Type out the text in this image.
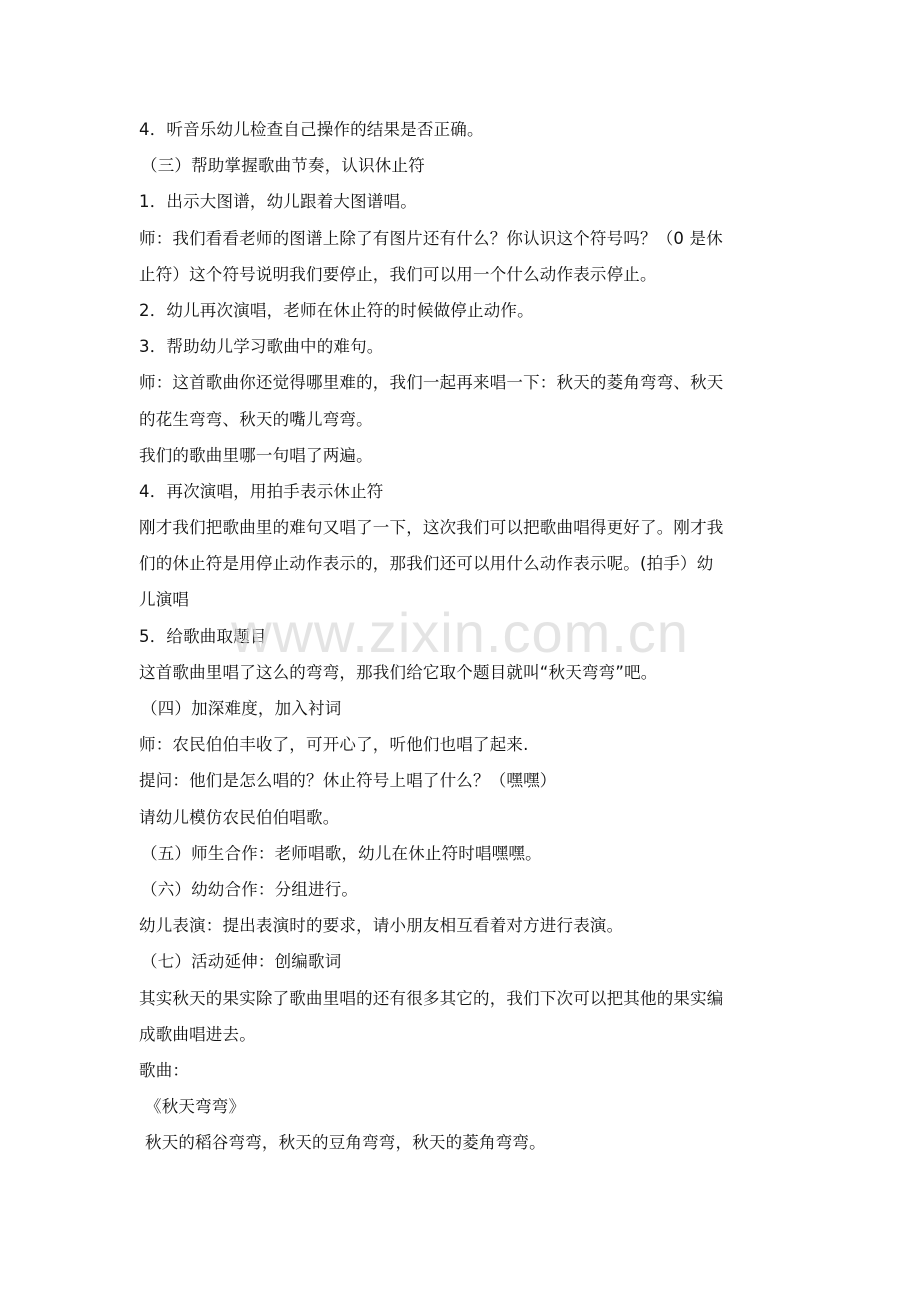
4．听音乐幼儿检查自己操作的结果是否正确。
（三）帮助掌握歌曲节奏，认识休止符
1．出示大图谱，幼儿跟着大图谱唱。
师：我们看看老师的图谱上除了有图片还有什么？你认识这个符号吗？（0 是休
止符）这个符号说明我们要停止，我们可以用一个什么动作表示停止。
2．幼儿再次演唱，老师在休止符的时候做停止动作。
3．帮助幼儿学习歌曲中的难句。
师：这首歌曲你还觉得哪里难的，我们一起再来唱一下：秋天的菱角弯弯、秋天
的花生弯弯、秋天的嘴儿弯弯。
我们的歌曲里哪一句唱了两遍。
4．再次演唱，用拍手表示休止符
刚才我们把歌曲里的难句又唱了一下，这次我们可以把歌曲唱得更好了。刚才我
们的休止符是用停止动作表示的，那我们还可以用什么动作表示呢。(拍手）幼
儿演唱
5．给歌曲取题目
这首歌曲里唱了这么的弯弯，那我们给它取个题目就叫“秋天弯弯”吧。
（四）加深难度，加入衬词
师：农民伯伯丰收了，可开心了，听他们也唱了起来.
提问：他们是怎么唱的？休止符号上唱了什么？（嘿嘿）
请幼儿模仿农民伯伯唱歌。
（五）师生合作：老师唱歌，幼儿在休止符时唱嘿嘿。
（六）幼幼合作：分组进行。
幼儿表演：提出表演时的要求，请小朋友相互看着对方进行表演。
（七）活动延伸：创编歌词
其实秋天的果实除了歌曲里唱的还有很多其它的，我们下次可以把其他的果实编
成歌曲唱进去。
歌曲：
《秋天弯弯》
秋天的稻谷弯弯，秋天的豆角弯弯，秋天的菱角弯弯。
www.zixin.com.cn
